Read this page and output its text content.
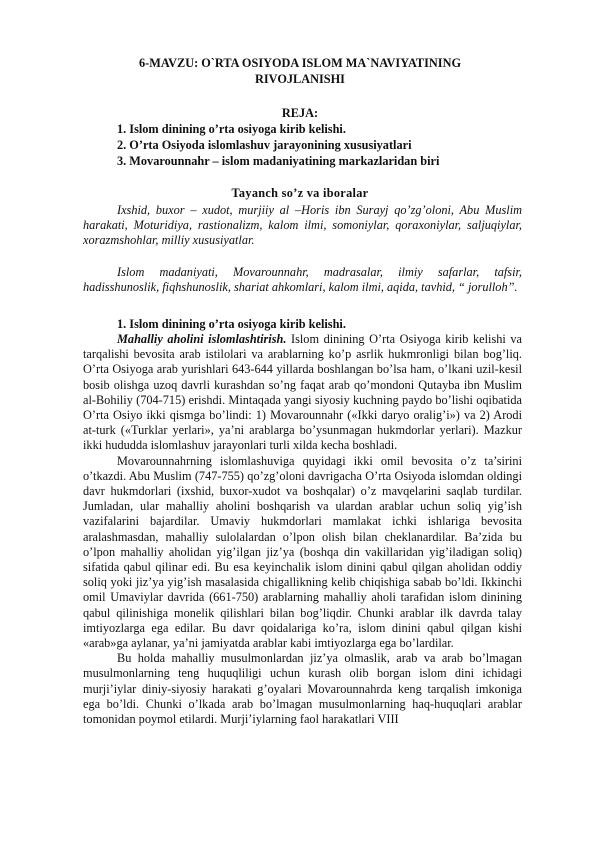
6-MAVZU: O`RTA OSIYODA ISLOM MA`NAVIYATINING
RIVOJLANISHI
REJA:
1. Islom dinining o’rta osiyoga kirib kelishi.
2. O’rta Osiyoda islomlashuv jarayonining xususiyatlari
3. Movarounnahr – islom madaniyatining markazlaridan biri
Tayanch so’z va iboralar

Ixshid, buxor – xudot, murjiiy al –Horis ibn Surayj qo’zg’oloni, Abu Muslim harakati, Moturidiya, rastionalizm, kalom ilmi, somoniylar, qoraxoniylar, saljuqiylar, xorazmshohlar, milliy xususiyatlar.

Islom madaniyati, Movarounnahr, madrasalar, ilmiy safarlar, tafsir, hadisshunoslik, fiqhshunoslik, shariat ahkomlari, kalom ilmi, aqida, tavhid, “ jorulloh”.

1. Islom dinining o’rta osiyoga kirib kelishi.

Mahalliy aholini islomlashtirish. Islom dinining O’rta Osiyoga kirib kelishi va tarqalishi bevosita arab istilolari va arablarning ko’p asrlik hukmronligi bilan bog’liq. O’rta Osiyoga arab yurishlari 643-644 yillarda boshlangan bo’lsa ham, o’lkani uzil-kesil bosib olishga uzoq davrli kurashdan so’ng faqat arab qo’mondoni Qutayba ibn Muslim al-Bohiliy (704-715) erishdi. Mintaqada yangi siyosiy kuchning paydo bo’lishi oqibatida O’rta Osiyo ikki qismga bo’lindi: 1) Movarounnahr («Ikki daryo oralig’i») va 2) Arodi at-turk («Turklar yerlari», ya’ni arablarga bo’ysunmagan hukmdorlar yerlari). Mazkur ikki hududda islomlashuv jarayonlari turli xilda kecha boshladi.

Movarounnahrning islomlashuviga quyidagi ikki omil bevosita o’z ta’sirini o’tkazdi. Abu Muslim (747-755) qo’zg’oloni davrigacha O’rta Osiyoda islomdan oldingi davr hukmdorlari (ixshid, buxor-xudot va boshqalar) o’z mavqelarini saqlab turdilar. Jumladan, ular mahalliy aholini boshqarish va ulardan arablar uchun soliq yig’ish vazifalarini bajardilar. Umaviy hukmdorlari mamlakat ichki ishlariga bevosita aralashmasdan, mahalliy sulolalardan o’lpon olish bilan cheklanardilar. Ba’zida bu o’lpon mahalliy aholidan yig’ilgan jiz’ya (boshqa din vakillaridan yig’iladigan soliq) sifatida qabul qilinar edi. Bu esa keyinchalik islom dinini qabul qilgan aholidan oddiy soliq yoki jiz’ya yig’ish masalasida chigallikning kelib chiqishiga sabab bo’ldi. Ikkinchi omil Umaviylar davrida (661-750) arablarning mahalliy aholi tarafidan islom dinining qabul qilinishiga monelik qilishlari bilan bog’liqdir. Chunki arablar ilk davrda talay imtiyozlarga ega edilar. Bu davr qoidalariga ko’ra, islom dinini qabul qilgan kishi «arab»ga aylanar, ya’ni jamiyatda arablar kabi imtiyozlarga ega bo’lardilar.

Bu holda mahalliy musulmonlardan jiz’ya olmaslik, arab va arab bo’lmagan musulmonlarning teng huquqliligi uchun kurash olib borgan islom dini ichidagi murji’iylar diniy-siyosiy harakati g’oyalari Movarounnahrda keng tarqalish imkoniga ega bo’ldi. Chunki o’lkada arab bo’lmagan musulmonlarning haq-huquqlari arablar tomonidan poymol etilardi. Murji’iylarning faol harakatlari VIII
